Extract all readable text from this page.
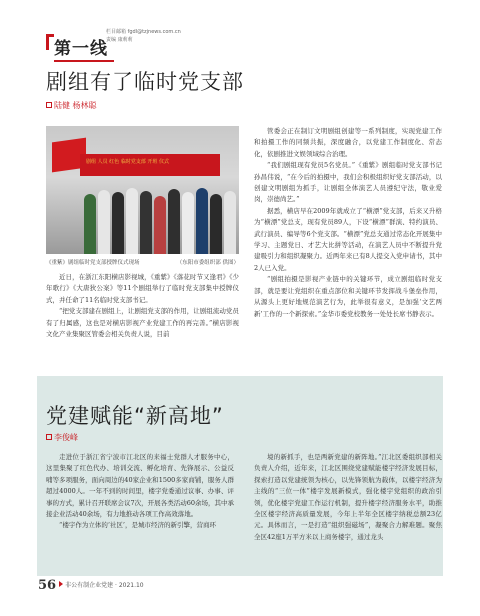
栏目邮箱 fgdl@tzjnews.com.cn
责编 康莉莉
第一线
剧组有了临时党支部
陆健 杨林聪
剧组 人员 红色 临时党支部 开班 仪式
《重紫》剧组临时党支部授牌仪式现场	（东阳市委组织部 供图）

近日，在浙江东阳横店影视城，《重紫》《落花时节又逢君》《少年歌行》《大唐狄公案》等11个剧组举行了临时党支部集中授牌仪式，并任命了11名临时党支部书记。

“把党支部建在剧组上，让剧组党支部的作用，让剧组流动党员有了归属感，这也是对横店影视产业党建工作的再完善。”横店影视文化产业集聚区管委会相关负责人说，目前

管委会正在制订文明剧组创建等一系列制度，实现党建工作和拍摄工作的同频共振，深度融合，以党建工作制度化、常态化，依剧推进文娱领域综合治理。

“我们剧组现有党员5名党员。”《重紫》剧组临时党支部书记孙昌伟说，“在今后的拍摄中，我们会积极组织好党支部活动，以创建文明剧组为抓手，让剧组全体演艺人员遵纪守法，敬业爱岗，崇德尚艺。”

据悉，横店早在2009年就成立了“横漂”党支部，后来又升格为“横漂”党总支，现有党员89人，下设“横漂”群演、特约演员、武行演员、编导等6个党支部。“横漂”党总支通过常态化开展集中学习、主题党日、才艺大比拼等活动，在演艺人员中不断提升党建吸引力和组织凝聚力。近两年来已有8人提交入党申请书，其中2人已入党。

“剧组拍摄是影视产业链中的关键环节，成立剧组临时党支部，就是要让党组织在重点部位和关键环节发挥战斗堡垒作用，从源头上更好地规范演艺行为，此举很有意义，是加强‘文艺两新’工作的一个新探索。”金华市委党校教务一处处长席书静表示。

党建赋能“新高地”
李俊峰

走进位于浙江省宁波市江北区的来福士党群人才服务中心，这里集聚了红色代办、培训交流、孵化培育、先锋展示、公益反哺等多项服务，面向周边的40家企业和1500多家商铺，服务人群超过4000人。一年不到的时间里，楼宇党委通过议事、办事、评事的方式，累计召开联席会议7次，开展各类活动60余场，其中承接企业活动40余场，有力地推动各项工作高效落地。

“楼宇作为立体的‘社区’，是城市经济的新引擎，营商环

境的新抓手，也是两新党建的新阵地。”江北区委组织部相关负责人介绍，近年来，江北区围绕党建赋能楼宇经济发展目标，探索打造以党建统领为核心，以先锋领航为载体，以楼宇经济为主线的“三位一体”楼宇发展新模式，强化楼宇党组织的政治引领，优化楼宇党建工作运行机制，提升楼宇经济服务水平，助推全区楼宇经济高质量发展，今年上半年全区楼宇纳税总额23亿元。具体而言，一是打造“组织强磁场”，凝聚合力解难题。聚焦全区42座1万平方米以上商务楼宇，通过龙头

56 非公有制企业党建 · 2021.10
